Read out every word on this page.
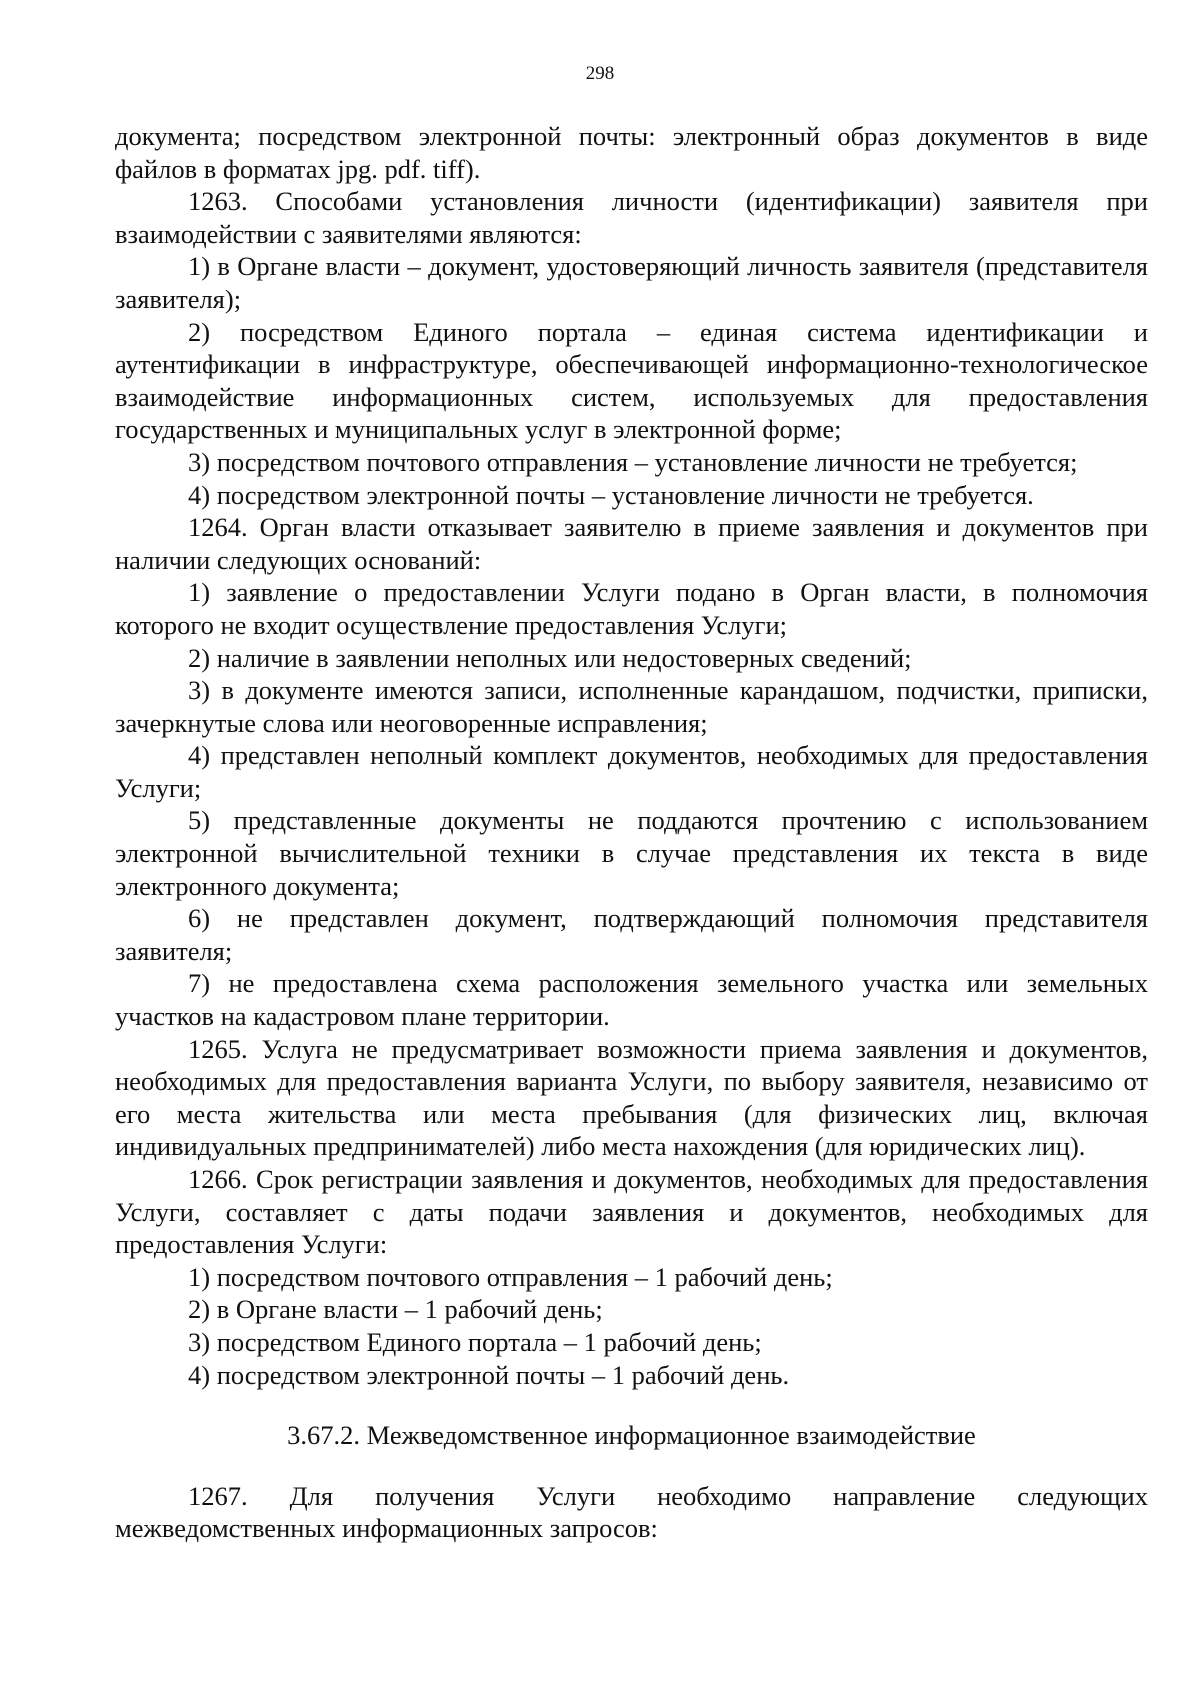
298

документа; посредством электронной почты: электронный образ документов в виде файлов в форматах jpg. pdf. tiff).

1263. Способами установления личности (идентификации) заявителя при взаимодействии с заявителями являются:

1) в Органе власти – документ, удостоверяющий личность заявителя (представителя заявителя);

2) посредством Единого портала – единая система идентификации и аутентификации в инфраструктуре, обеспечивающей информационно-технологическое взаимодействие информационных систем, используемых для предоставления государственных и муниципальных услуг в электронной форме;

3) посредством почтового отправления – установление личности не требуется;

4) посредством электронной почты – установление личности не требуется.

1264. Орган власти отказывает заявителю в приеме заявления и документов при наличии следующих оснований:

1) заявление о предоставлении Услуги подано в Орган власти, в полномочия которого не входит осуществление предоставления Услуги;

2) наличие в заявлении неполных или недостоверных сведений;

3) в документе имеются записи, исполненные карандашом, подчистки, приписки, зачеркнутые слова или неоговоренные исправления;

4) представлен неполный комплект документов, необходимых для предоставления Услуги;

5) представленные документы не поддаются прочтению с использованием электронной вычислительной техники в случае представления их текста в виде электронного документа;

6) не представлен документ, подтверждающий полномочия представителя заявителя;

7) не предоставлена схема расположения земельного участка или земельных участков на кадастровом плане территории.

1265. Услуга не предусматривает возможности приема заявления и документов, необходимых для предоставления варианта Услуги, по выбору заявителя, независимо от его места жительства или места пребывания (для физических лиц, включая индивидуальных предпринимателей) либо места нахождения (для юридических лиц).

1266. Срок регистрации заявления и документов, необходимых для предоставления Услуги, составляет с даты подачи заявления и документов, необходимых для предоставления Услуги:

1) посредством почтового отправления – 1 рабочий день;

2) в Органе власти – 1 рабочий день;

3) посредством Единого портала – 1 рабочий день;

4) посредством электронной почты – 1 рабочий день.

3.67.2. Межведомственное информационное взаимодействие

1267. Для получения Услуги необходимо направление следующих межведомственных информационных запросов:
